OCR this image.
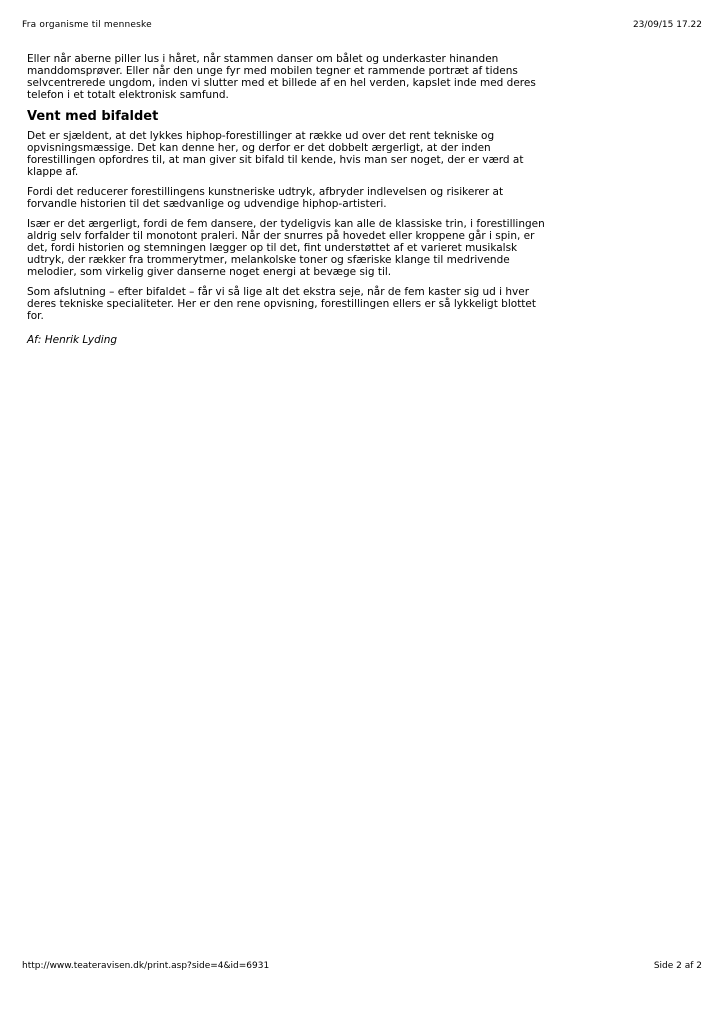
Fra organisme til menneske	23/09/15 17.22

Eller når aberne piller lus i håret, når stammen danser om bålet og underkaster hinanden manddomsprøver. Eller når den unge fyr med mobilen tegner et rammende portræt af tidens selvcentrerede ungdom, inden vi slutter med et billede af en hel verden, kapslet inde med deres telefon i et totalt elektronisk samfund.

Vent med bifaldet

Det er sjældent, at det lykkes hiphop-forestillinger at række ud over det rent tekniske og opvisningsmæssige. Det kan denne her, og derfor er det dobbelt ærgerligt, at der inden forestillingen opfordres til, at man giver sit bifald til kende, hvis man ser noget, der er værd at klappe af.

Fordi det reducerer forestillingens kunstneriske udtryk, afbryder indlevelsen og risikerer at forvandle historien til det sædvanlige og udvendige hiphop-artisteri.

Især er det ærgerligt, fordi de fem dansere, der tydeligvis kan alle de klassiske trin, i forestillingen aldrig selv forfalder til monotont praleri. Når der snurres på hovedet eller kroppene går i spin, er det, fordi historien og stemningen lægger op til det, fint understøttet af et varieret musikalsk udtryk, der rækker fra trommerytmer, melankolske toner og sfæriske klange til medrivende melodier, som virkelig giver danserne noget energi at bevæge sig til.

Som afslutning – efter bifaldet – får vi så lige alt det ekstra seje, når de fem kaster sig ud i hver deres tekniske specialiteter. Her er den rene opvisning, forestillingen ellers er så lykkeligt blottet for.

Af: Henrik Lyding

http://www.teateravisen.dk/print.asp?side=4&id=6931	Side 2 af 2
